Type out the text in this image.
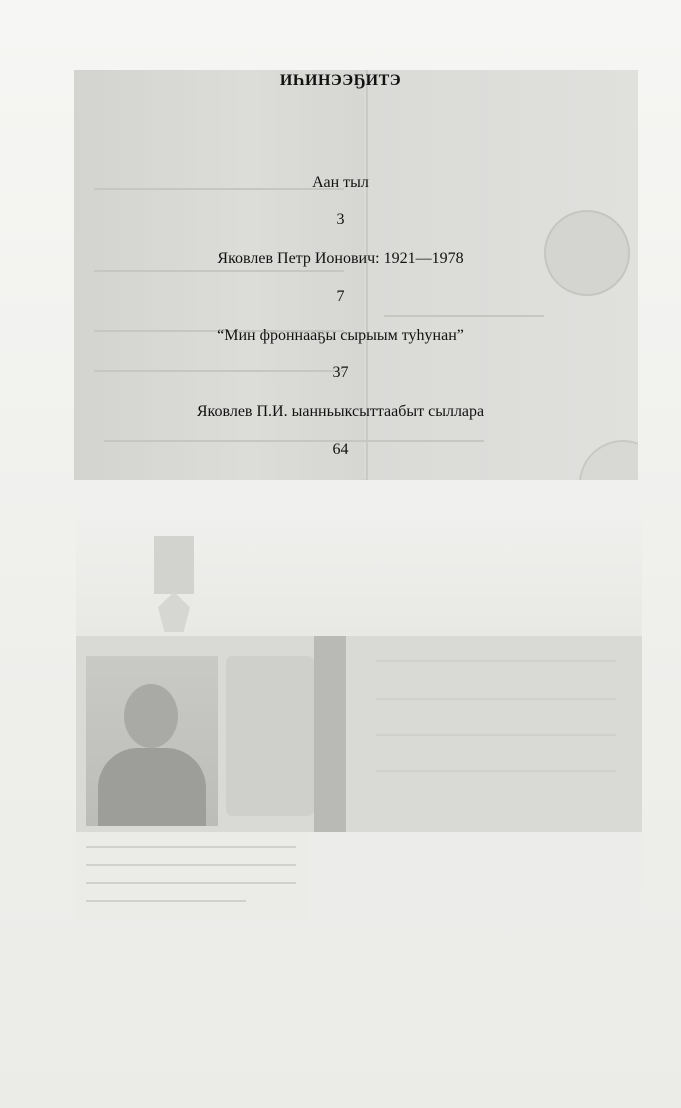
ИҺИНЭЭҔИТЭ
Аан тыл
3
Яковлев Петр Ионович: 1921—1978
7
“Мин фроннааҕы сырыым туһунан”
37
Яковлев П.И. ыанньыксыттаабыт сыллара
64
